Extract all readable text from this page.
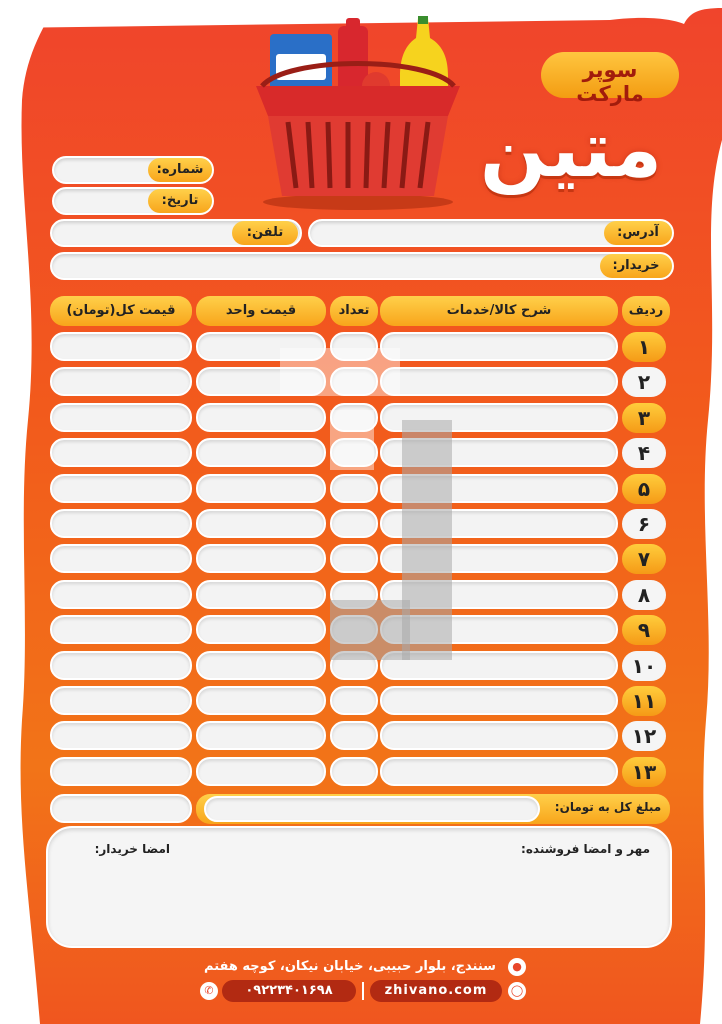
سوپر مارکت
متین
شماره:
تاریخ:
تلفن:	آدرس:
خریدار:
ردیف
شرح کالا/خدمات
تعداد
قیمت واحد
قیمت کل(تومان)
۱
۲
۳
۴
۵
۶
۷
۸
۹
۱۰
۱۱
۱۲
۱۳
مبلغ کل به تومان:
مهر و امضا فروشنده:
امضا خریدار:
سنندج، بلوار حبیبی، خیابان نیکان، کوچه هفتم	●
◯
zhivano.com
۰۹۲۲۳۴۰۱۶۹۸
✆
